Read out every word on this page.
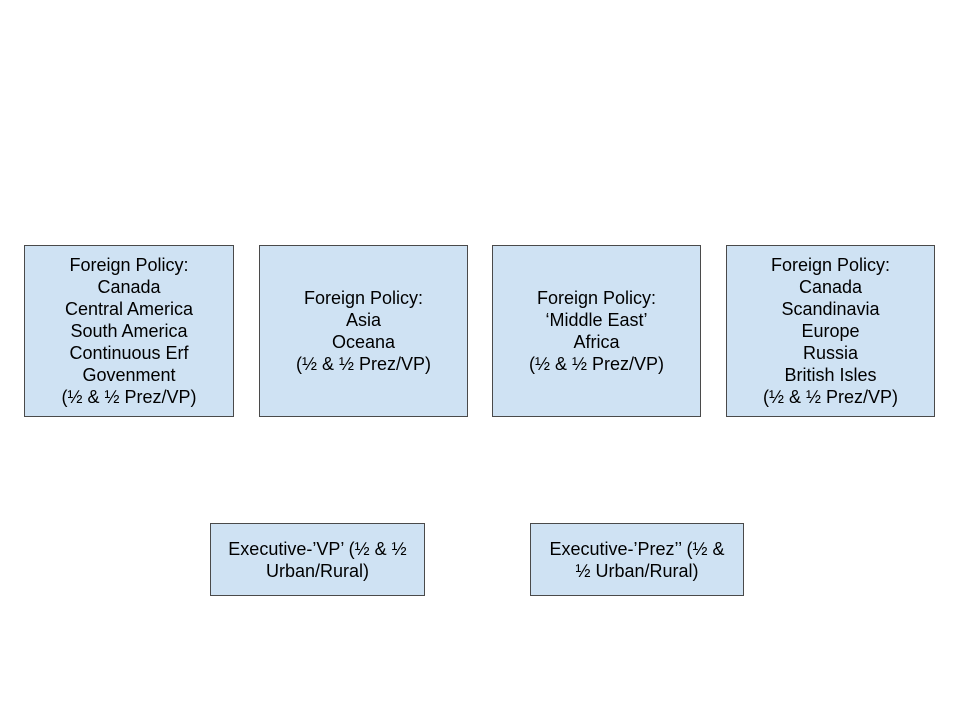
Foreign Policy:
Canada
Central America
South America
Continuous Erf
Govenment
(½ & ½ Prez/VP)
Foreign Policy:
Asia
Oceana
(½ & ½ Prez/VP)
Foreign Policy:
‘Middle East’
Africa
(½ & ½ Prez/VP)
Foreign Policy:
Canada
Scandinavia
Europe
Russia
British Isles
(½ & ½ Prez/VP)
Executive-’VP’ (½ & ½
Urban/Rural)
Executive-’Prez’’ (½ &
½ Urban/Rural)
